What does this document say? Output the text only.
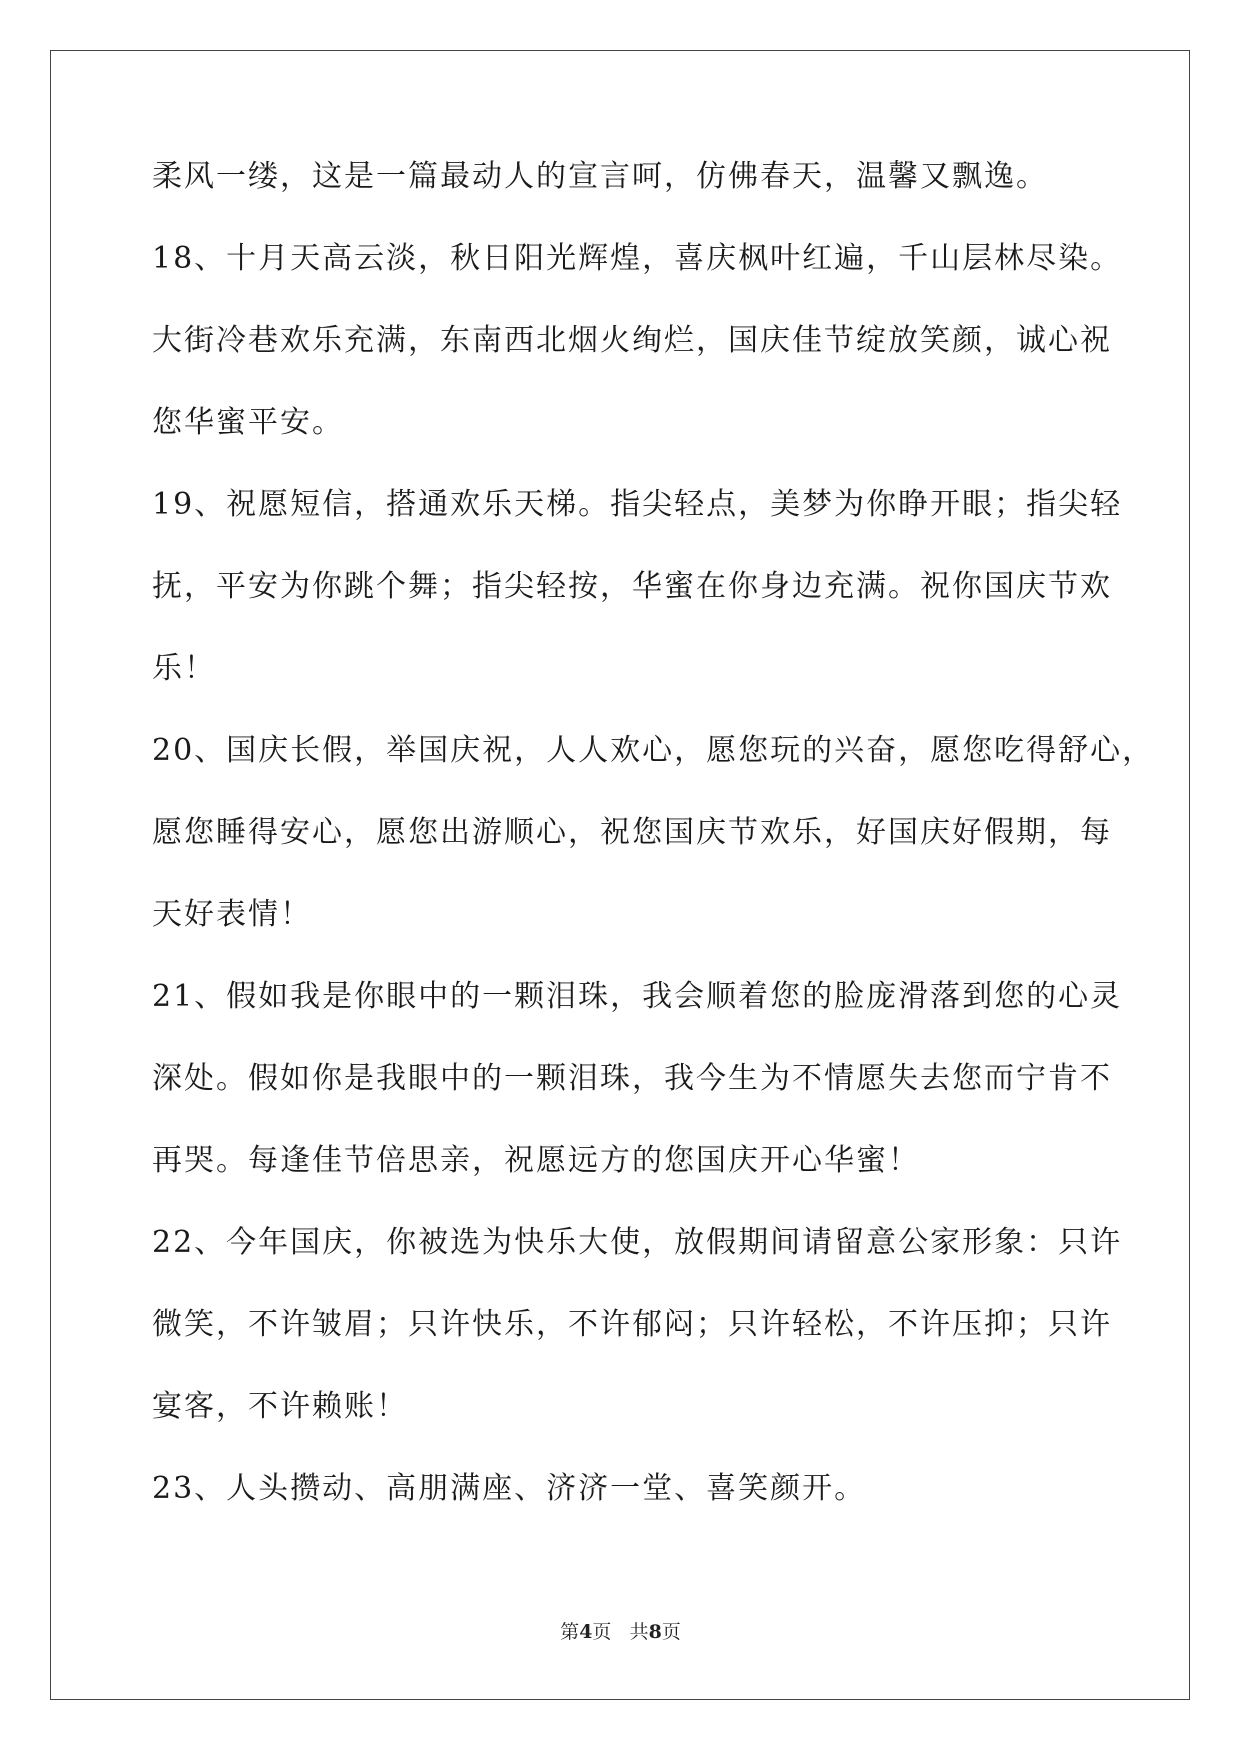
柔风一缕，这是一篇最动人的宣言呵，仿佛春天，温馨又飘逸。
18、十月天高云淡，秋日阳光辉煌，喜庆枫叶红遍，千山层林尽染。
大街冷巷欢乐充满，东南西北烟火绚烂，国庆佳节绽放笑颜，诚心祝
您华蜜平安。
19、祝愿短信，搭通欢乐天梯。指尖轻点，美梦为你睁开眼；指尖轻
抚，平安为你跳个舞；指尖轻按，华蜜在你身边充满。祝你国庆节欢
乐！
20、国庆长假，举国庆祝，人人欢心，愿您玩的兴奋，愿您吃得舒心，
愿您睡得安心，愿您出游顺心，祝您国庆节欢乐，好国庆好假期，每
天好表情！
21、假如我是你眼中的一颗泪珠，我会顺着您的脸庞滑落到您的心灵
深处。假如你是我眼中的一颗泪珠，我今生为不情愿失去您而宁肯不
再哭。每逢佳节倍思亲，祝愿远方的您国庆开心华蜜！
22、今年国庆，你被选为快乐大使，放假期间请留意公家形象：只许
微笑，不许皱眉；只许快乐，不许郁闷；只许轻松，不许压抑；只许
宴客，不许赖账！
23、人头攒动、高朋满座、济济一堂、喜笑颜开。
第4页 共8页
